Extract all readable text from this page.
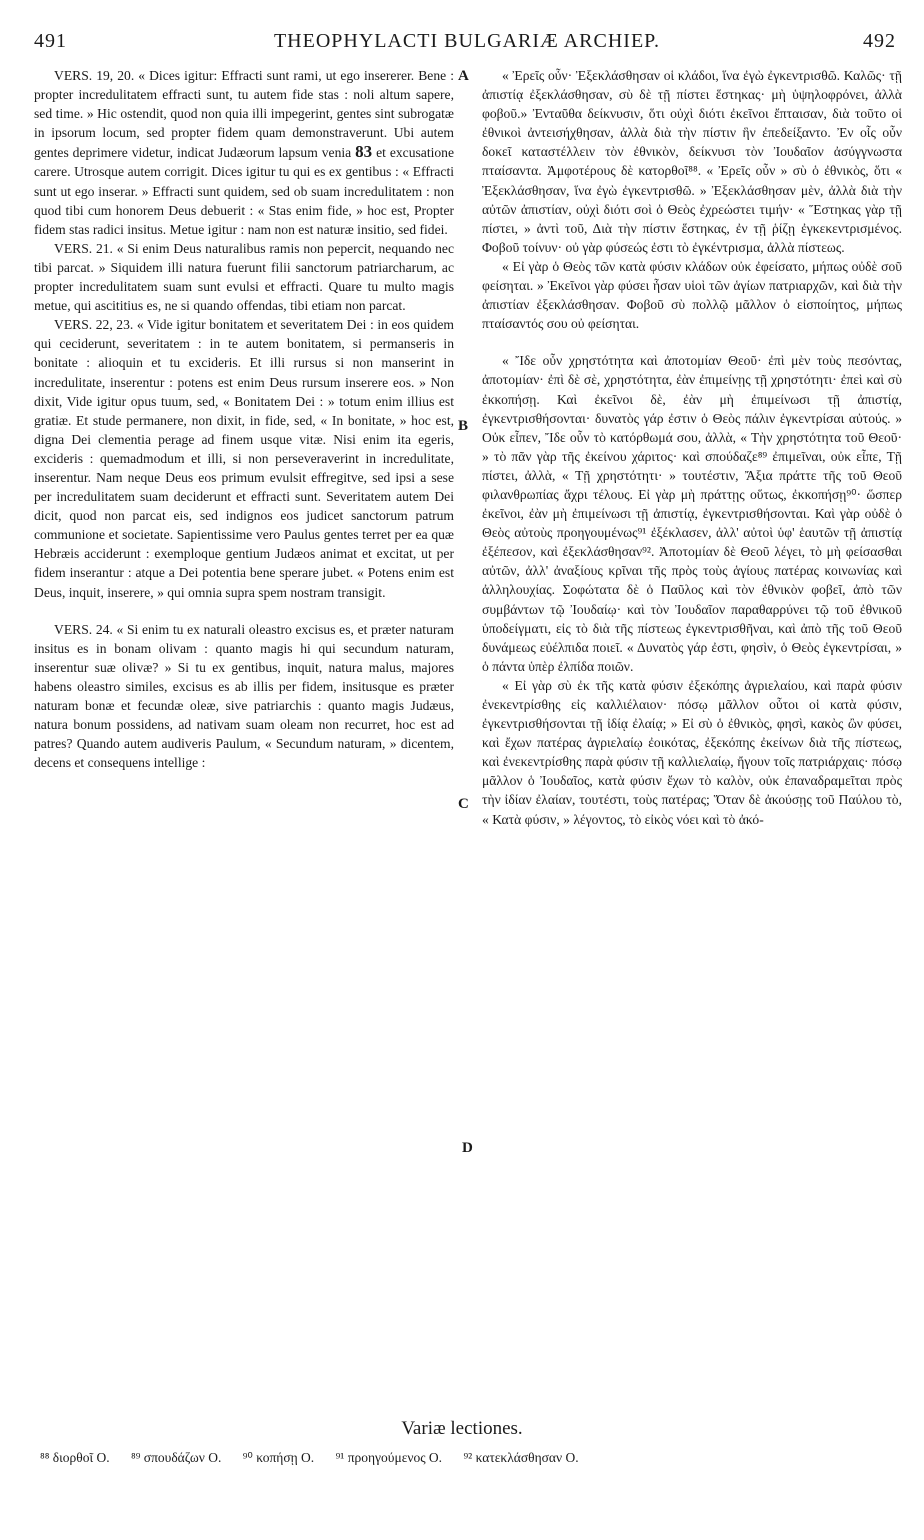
491	THEOPHYLACTI BULGARIÆ ARCHIEP.	492
A
B
C
D

VERS. 19, 20. « Dices igitur: Effracti sunt rami, ut ego insererer. Bene : propter incredulitatem effracti sunt, tu autem fide stas : noli altum sapere, sed time. » Hic ostendit, quod non quia illi impegerint, gentes sint subrogatæ in ipsorum locum, sed propter fidem quam demonstraverunt. Ubi autem gentes deprimere videtur, indicat Judæorum lapsum venia 83 et excusatione carere. Utrosque autem corrigit. Dices igitur tu qui es ex gentibus : « Effracti sunt ut ego inserar. » Effracti sunt quidem, sed ob suam incredulitatem : non quod tibi cum honorem Deus debuerit : « Stas enim fide, » hoc est, Propter fidem stas radici insitus. Metue igitur : nam non est naturæ insitio, sed fidei.

VERS. 21. « Si enim Deus naturalibus ramis non pepercit, nequando nec tibi parcat. » Siquidem illi natura fuerunt filii sanctorum patriarcharum, ac propter incredulitatem suam sunt evulsi et effracti. Quare tu multo magis metue, qui ascititius es, ne si quando offendas, tibi etiam non parcat.

VERS. 22, 23. « Vide igitur bonitatem et severitatem Dei : in eos quidem qui ceciderunt, severitatem : in te autem bonitatem, si permanseris in bonitate : alioquin et tu excideris. Et illi rursus si non manserint in incredulitate, inserentur : potens est enim Deus rursum inserere eos. » Non dixit, Vide igitur opus tuum, sed, « Bonitatem Dei : » totum enim illius est gratiæ. Et stude permanere, non dixit, in fide, sed, « In bonitate, » hoc est, digna Dei clementia perage ad finem usque vitæ. Nisi enim ita egeris, excideris : quemadmodum et illi, si non perseveraverint in incredulitate, inserentur. Nam neque Deus eos primum evulsit effregitve, sed ipsi a sese per incredulitatem suam deciderunt et effracti sunt. Severitatem autem Dei dicit, quod non parcat eis, sed indignos eos judicet sanctorum patrum communione et societate. Sapientissime vero Paulus gentes terret per ea quæ Hebræis acciderunt : exemploque gentium Judæos animat et excitat, ut per fidem inserantur : atque a Dei potentia bene sperare jubet. « Potens enim est Deus, inquit, inserere, » qui omnia supra spem nostram transigit.

VERS. 24. « Si enim tu ex naturali oleastro excisus es, et præter naturam insitus es in bonam olivam : quanto magis hi qui secundum naturam, inserentur suæ olivæ? » Si tu ex gentibus, inquit, natura malus, majores habens oleastro similes, excisus es ab illis per fidem, insitusque es præter naturam bonæ et fecundæ oleæ, sive patriarchis : quanto magis Judæus, natura bonum possidens, ad nativam suam oleam non recurret, hoc est ad patres? Quando autem audiveris Paulum, « Secundum naturam, » dicentem, decens et consequens intellige :

« Ἐρεῖς οὖν· Ἐξεκλάσθησαν οἱ κλάδοι, ἵνα ἐγὼ ἐγκεντρισθῶ. Καλῶς· τῇ ἀπιστίᾳ ἐξεκλάσθησαν, σὺ δὲ τῇ πίστει ἕστηκας· μὴ ὑψηλοφρόνει, ἀλλὰ φοβοῦ.» Ἐνταῦθα δείκνυσιν, ὅτι οὐχὶ διότι ἐκεῖνοι ἔπταισαν, διὰ τοῦτο οἱ ἐθνικοὶ ἀντεισήχθησαν, ἀλλὰ διὰ τὴν πίστιν ἣν ἐπεδείξαντο. Ἐν οἷς οὖν δοκεῖ καταστέλλειν τὸν ἐθνικὸν, δείκνυσι τὸν Ἰουδαῖον ἀσύγγνωστα πταίσαντα. Ἀμφοτέρους δὲ κατορθοῖ⁸⁸. « Ἐρεῖς οὖν » σὺ ὁ ἐθνικὸς, ὅτι « Ἐξεκλάσθησαν, ἵνα ἐγὼ ἐγκεντρισθῶ. » Ἐξεκλάσθησαν μὲν, ἀλλὰ διὰ τὴν αὐτῶν ἀπιστίαν, οὐχὶ διότι σοὶ ὁ Θεὸς ἐχρεώστει τιμήν· « Ἕστηκας γὰρ τῇ πίστει, » ἀντὶ τοῦ, Διὰ τὴν πίστιν ἕστηκας, ἐν τῇ ῥίζῃ ἐγκεκεντρισμένος. Φοβοῦ τοίνυν· οὐ γὰρ φύσεώς ἐστι τὸ ἐγκέντρισμα, ἀλλὰ πίστεως.

« Εἰ γὰρ ὁ Θεὸς τῶν κατὰ φύσιν κλάδων οὐκ ἐφείσατο, μήπως οὐδὲ σοῦ φείσηται. » Ἐκεῖνοι γὰρ φύσει ἦσαν υἱοὶ τῶν ἁγίων πατριαρχῶν, καὶ διὰ τὴν ἀπιστίαν ἐξεκλάσθησαν. Φοβοῦ σὺ πολλῷ μᾶλλον ὁ εἰσποίητος, μήπως πταίσαντός σου οὐ φείσηται.

« Ἴδε οὖν χρηστότητα καὶ ἀποτομίαν Θεοῦ· ἐπὶ μὲν τοὺς πεσόντας, ἀποτομίαν· ἐπὶ δὲ σὲ, χρηστότητα, ἐὰν ἐπιμείνῃς τῇ χρηστότητι· ἐπεὶ καὶ σὺ ἐκκοπήσῃ. Καὶ ἐκεῖνοι δὲ, ἐὰν μὴ ἐπιμείνωσι τῇ ἀπιστίᾳ, ἐγκεντρισθήσονται· δυνατὸς γάρ ἐστιν ὁ Θεὸς πάλιν ἐγκεντρίσαι αὐτούς. » Οὐκ εἶπεν, Ἴδε οὖν τὸ κατόρθωμά σου, ἀλλὰ, « Τὴν χρηστότητα τοῦ Θεοῦ· » τὸ πᾶν γὰρ τῆς ἐκείνου χάριτος· καὶ σπούδαζε⁸⁹ ἐπιμεῖναι, οὐκ εἶπε, Τῇ πίστει, ἀλλὰ, « Τῇ χρηστότητι· » τουτέστιν, Ἄξια πράττε τῆς τοῦ Θεοῦ φιλανθρωπίας ἄχρι τέλους. Εἰ γὰρ μὴ πράττῃς οὕτως, ἐκκοπήσῃ⁹⁰· ὥσπερ ἐκεῖνοι, ἐὰν μὴ ἐπιμείνωσι τῇ ἀπιστίᾳ, ἐγκεντρισθήσονται. Καὶ γὰρ οὐδὲ ὁ Θεὸς αὐτοὺς προηγουμένως⁹¹ ἐξέκλασεν, ἀλλ' αὐτοὶ ὑφ' ἑαυτῶν τῇ ἀπιστίᾳ ἐξέπεσον, καὶ ἐξεκλάσθησαν⁹². Ἀποτομίαν δὲ Θεοῦ λέγει, τὸ μὴ φείσασθαι αὐτῶν, ἀλλ' ἀναξίους κρῖναι τῆς πρὸς τοὺς ἁγίους πατέρας κοινωνίας καὶ ἀλληλουχίας. Σοφώτατα δὲ ὁ Παῦλος καὶ τὸν ἐθνικὸν φοβεῖ, ἀπὸ τῶν συμβάντων τῷ Ἰουδαίῳ· καὶ τὸν Ἰουδαῖον παραθαρρύνει τῷ τοῦ ἐθνικοῦ ὑποδείγματι, εἰς τὸ διὰ τῆς πίστεως ἐγκεντρισθῆναι, καὶ ἀπὸ τῆς τοῦ Θεοῦ δυνάμεως εὐέλπιδα ποιεῖ. « Δυνατὸς γάρ ἐστι, φησὶν, ὁ Θεὸς ἐγκεντρίσαι, » ὁ πάντα ὑπὲρ ἐλπίδα ποιῶν.

« Εἰ γὰρ σὺ ἐκ τῆς κατὰ φύσιν ἐξεκόπης ἀγριελαίου, καὶ παρὰ φύσιν ἐνεκεντρίσθης εἰς καλλιέλαιον· πόσῳ μᾶλλον οὗτοι οἱ κατὰ φύσιν, ἐγκεντρισθήσονται τῇ ἰδίᾳ ἐλαίᾳ; » Εἰ σὺ ὁ ἐθνικὸς, φησὶ, κακὸς ὢν φύσει, καὶ ἔχων πατέρας ἀγριελαίῳ ἐοικότας, ἐξεκόπης ἐκείνων διὰ τῆς πίστεως, καὶ ἐνεκεντρίσθης παρὰ φύσιν τῇ καλλιελαίῳ, ἤγουν τοῖς πατριάρχαις· πόσῳ μᾶλλον ὁ Ἰουδαῖος, κατὰ φύσιν ἔχων τὸ καλὸν, οὐκ ἐπαναδραμεῖται πρὸς τὴν ἰδίαν ἐλαίαν, τουτέστι, τοὺς πατέρας; Ὅταν δὲ ἀκούσῃς τοῦ Παύλου τὸ, « Κατὰ φύσιν, » λέγοντος, τὸ εἰκὸς νόει καὶ τὸ ἀκό-

Variæ lectiones.
⁸⁸ διορθοῖ Ο. ⁸⁹ σπουδάζων Ο. ⁹⁰ κοπήσῃ Ο. ⁹¹ προηγούμενος Ο. ⁹² κατεκλάσθησαν Ο.
